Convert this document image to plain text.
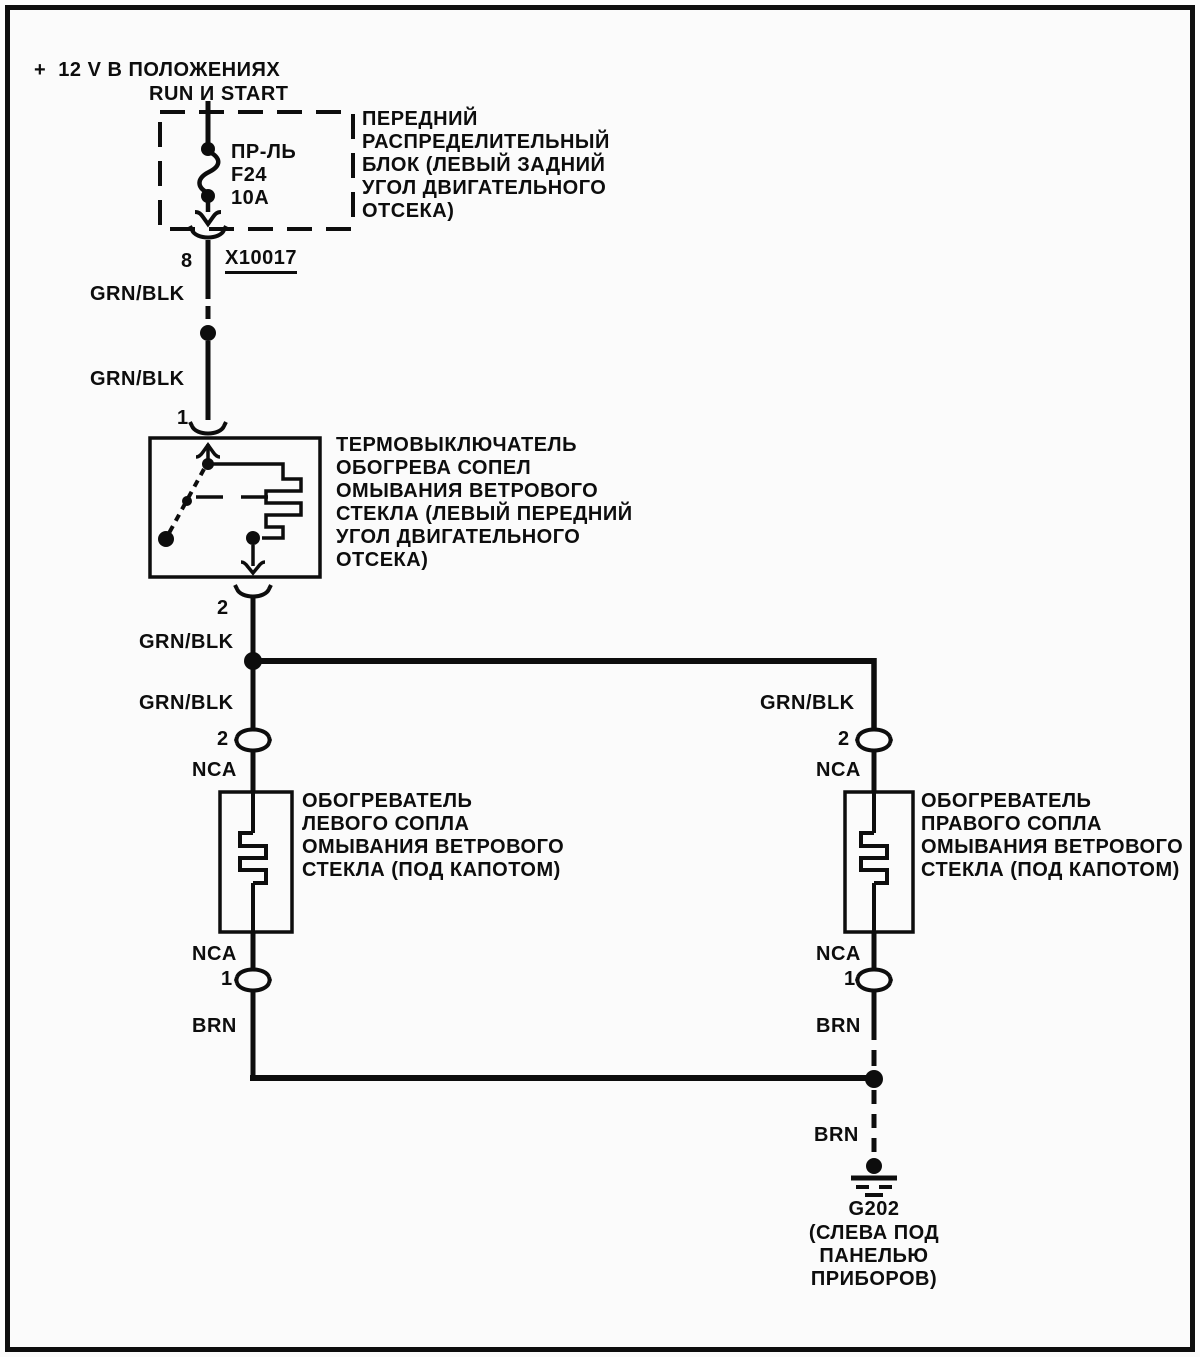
+  12 V В ПОЛОЖЕНИЯХ
RUN И START
ПР-ЛЬ
F24
10A
ПЕРЕДНИЙ
РАСПРЕДЕЛИТЕЛЬНЫЙ
БЛОК (ЛЕВЫЙ ЗАДНИЙ
УГОЛ ДВИГАТЕЛЬНОГО
ОТСЕКА)
8 X10017
GRN/BLK
GRN/BLK
1
ТЕРМОВЫКЛЮЧАТЕЛЬ
ОБОГРЕВА СОПЕЛ
ОМЫВАНИЯ ВЕТРОВОГО
СТЕКЛА (ЛЕВЫЙ ПЕРЕДНИЙ
УГОЛ ДВИГАТЕЛЬНОГО
ОТСЕКА)
2
GRN/BLK
GRN/BLK	GRN/BLK
2	2
NCA	NCA
ОБОГРЕВАТЕЛЬ
ЛЕВОГО СОПЛА
ОМЫВАНИЯ ВЕТРОВОГО
СТЕКЛА (ПОД КАПОТОМ)
ОБОГРЕВАТЕЛЬ
ПРАВОГО СОПЛА
ОМЫВАНИЯ ВЕТРОВОГО
СТЕКЛА (ПОД КАПОТОМ)
NCA	NCA
1	1
BRN	BRN
BRN
G202
(СЛЕВА ПОД
ПАНЕЛЬЮ
ПРИБОРОВ)
